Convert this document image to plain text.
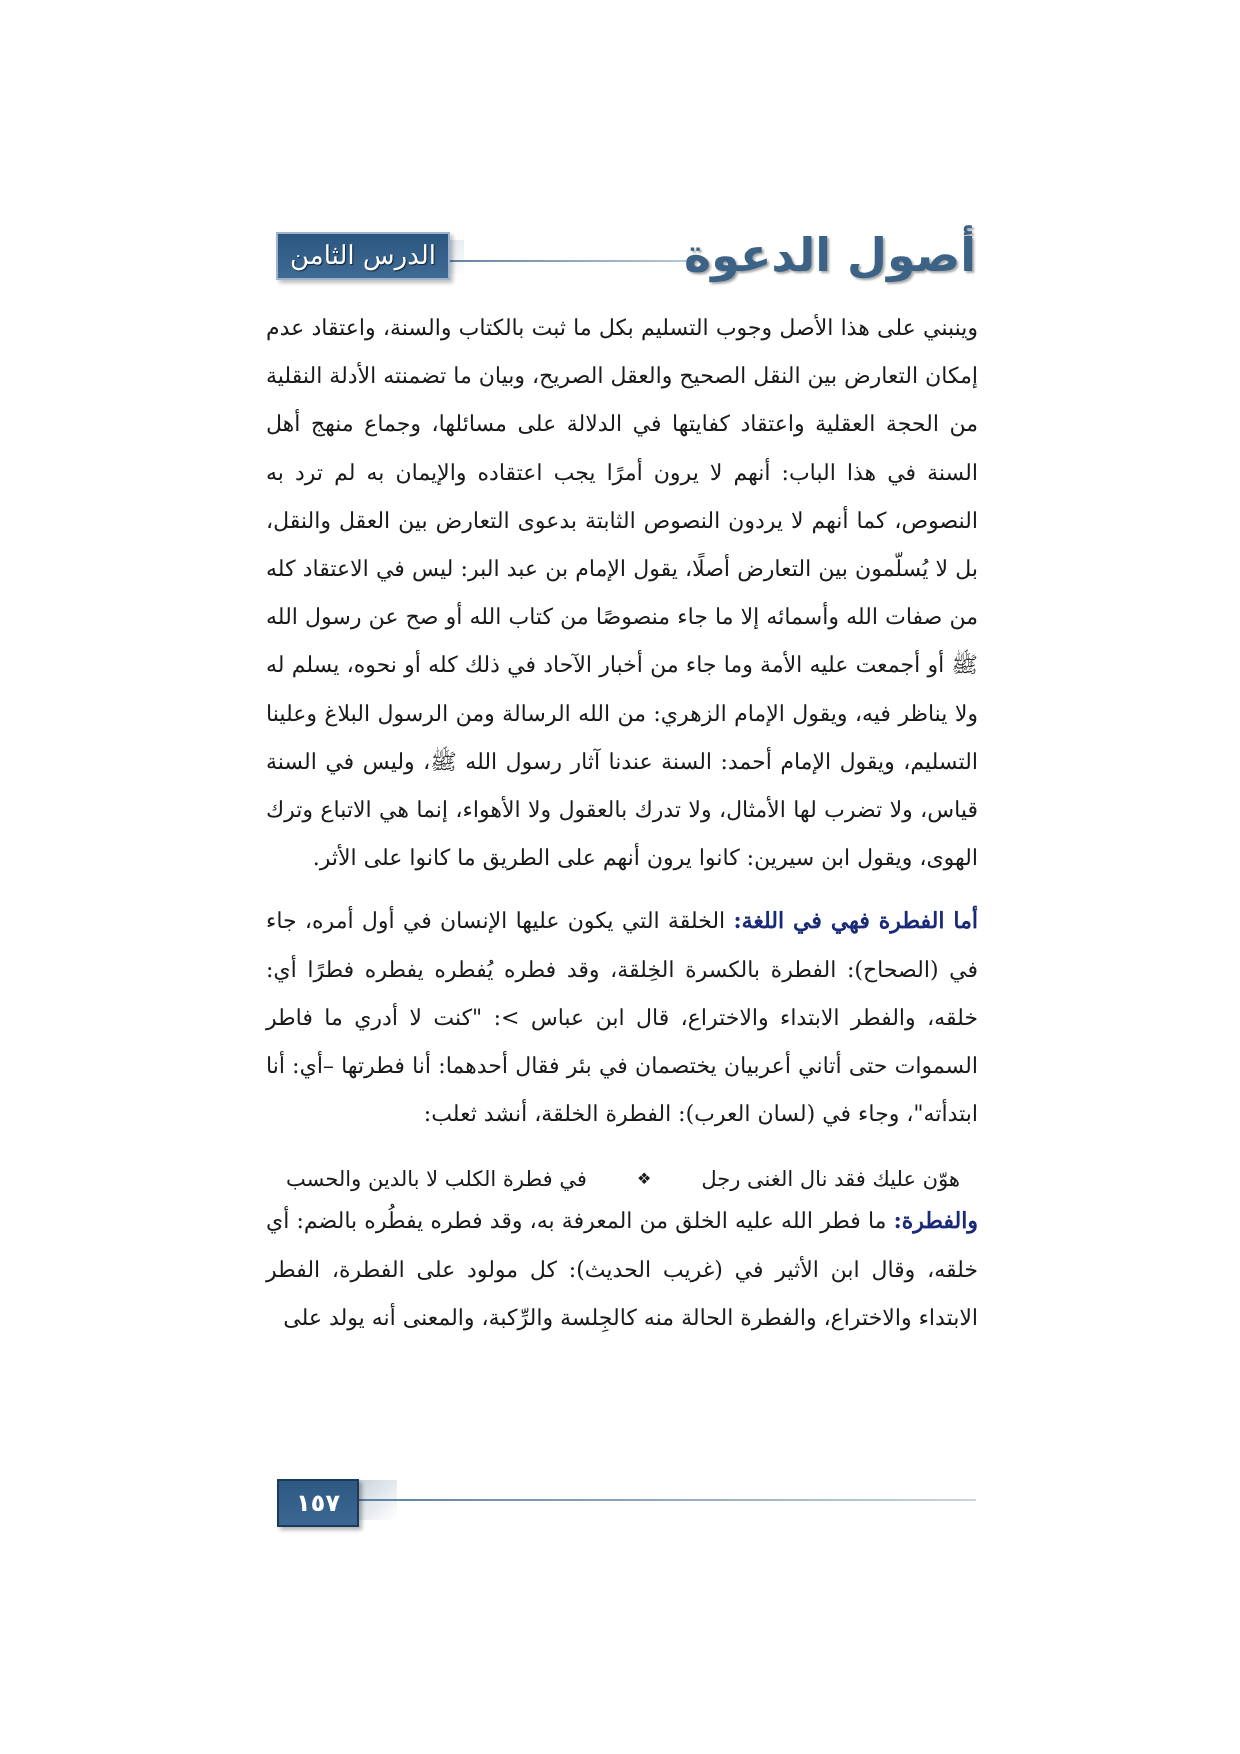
الدرس الثامن	أصول الدعوة

وينبني على هذا الأصل وجوب التسليم بكل ما ثبت بالكتاب والسنة، واعتقاد عدم إمكان التعارض بين النقل الصحيح والعقل الصريح، وبيان ما تضمنته الأدلة النقلية من الحجة العقلية واعتقاد كفايتها في الدلالة على مسائلها، وجماع منهج أهل السنة في هذا الباب: أنهم لا يرون أمرًا يجب اعتقاده والإيمان به لم ترد به النصوص، كما أنهم لا يردون النصوص الثابتة بدعوى التعارض بين العقل والنقل، بل لا يُسلّمون بين التعارض أصلًا، يقول الإمام بن عبد البر: ليس في الاعتقاد كله من صفات الله وأسمائه إلا ما جاء منصوصًا من كتاب الله أو صح عن رسول الله ﷺ أو أجمعت عليه الأمة وما جاء من أخبار الآحاد في ذلك كله أو نحوه، يسلم له ولا يناظر فيه، ويقول الإمام الزهري: من الله الرسالة ومن الرسول البلاغ وعلينا التسليم، ويقول الإمام أحمد: السنة عندنا آثار رسول الله ﷺ، وليس في السنة قياس، ولا تضرب لها الأمثال، ولا تدرك بالعقول ولا الأهواء، إنما هي الاتباع وترك الهوى، ويقول ابن سيرين: كانوا يرون أنهم على الطريق ما كانوا على الأثر.

أما الفطرة فهي في اللغة: الخلقة التي يكون عليها الإنسان في أول أمره، جاء في (الصحاح): الفطرة بالكسرة الخِلقة، وقد فطره يُفطره يفطره فطرًا أي: خلقه، والفطر الابتداء والاختراع، قال ابن عباس >: "كنت لا أدري ما فاطر السموات حتى أتاني أعربيان يختصمان في بئر فقال أحدهما: أنا فطرتها –أي: أنا ابتدأته"، وجاء في (لسان العرب): الفطرة الخلقة، أنشد ثعلب:

هوّن عليك فقد نال الغنى رجل
❖
في فطرة الكلب لا بالدين والحسب

والفطرة: ما فطر الله عليه الخلق من المعرفة به، وقد فطره يفطُره بالضم: أي خلقه، وقال ابن الأثير في (غريب الحديث): كل مولود على الفطرة، الفطر الابتداء والاختراع، والفطرة الحالة منه كالجِلسة والرِّكبة، والمعنى أنه يولد على

١٥٧
